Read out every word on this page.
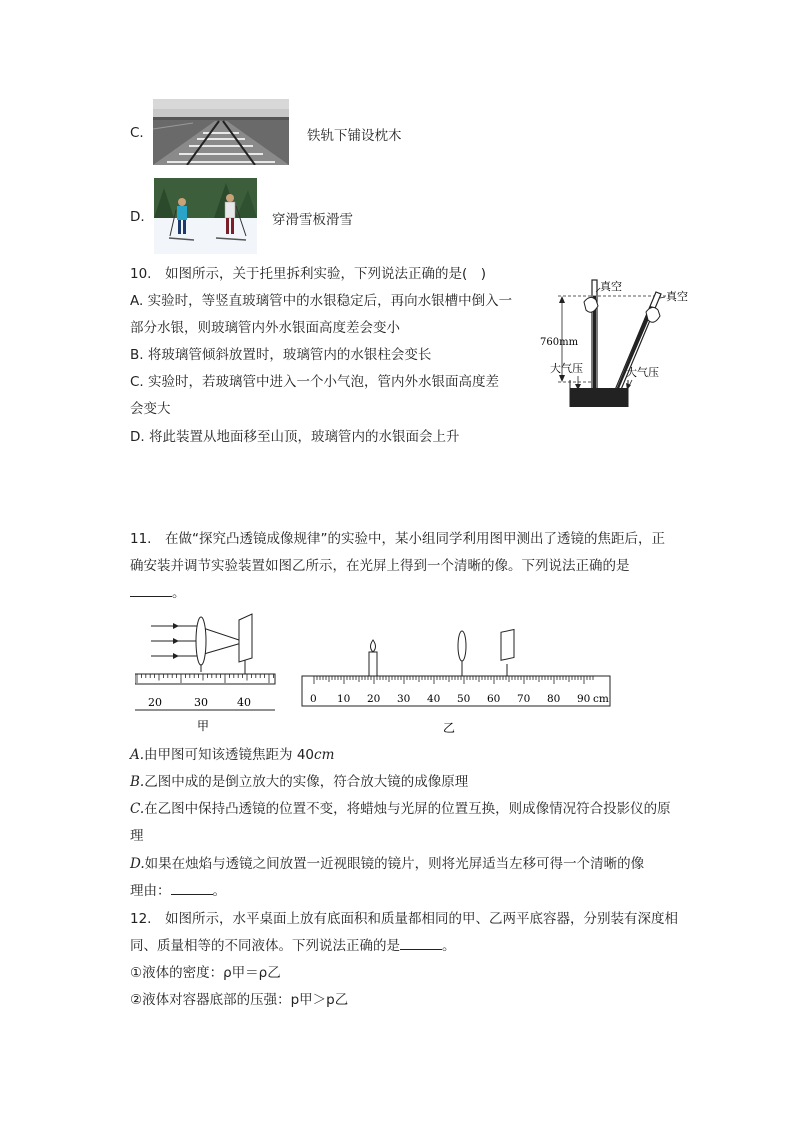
C.	铁轨下铺设枕木
D.	穿滑雪板滑雪
10.　如图所示，关于托里拆利实验，下列说法正确的是(　)
A. 实验时，等竖直玻璃管中的水银稳定后，再向水银槽中倒入一
部分水银，则玻璃管内外水银面高度差会变小
B. 将玻璃管倾斜放置时，玻璃管内的水银柱会变长
C. 实验时，若玻璃管中进入一个小气泡，管内外水银面高度差
会变大
D. 将此装置从地面移至山顶，玻璃管内的水银面会上升
760mm
真空
真空
大气压	大气压
11.　在做“探究凸透镜成像规律”的实验中，某小组同学利用图甲测出了透镜的焦距后，正
确安装并调节实验装置如图乙所示，在光屏上得到一个清晰的像。下列说法正确的是
。
20	30	40
甲
0 10 20 30 40 50 60 70 80 90 cm
乙
A.由甲图可知该透镜焦距为 40cm
B.乙图中成的是倒立放大的实像，符合放大镜的成像原理
C.在乙图中保持凸透镜的位置不变，将蜡烛与光屏的位置互换，则成像情况符合投影仪的原
理
D.如果在烛焰与透镜之间放置一近视眼镜的镜片，则将光屏适当左移可得一个清晰的像
理由：	。
12.　如图所示，水平桌面上放有底面积和质量都相同的甲、乙两平底容器，分别装有深度相
同、质量相等的不同液体。下列说法正确的是	。
①液体的密度：ρ甲＝ρ乙
②液体对容器底部的压强：p甲＞p乙
